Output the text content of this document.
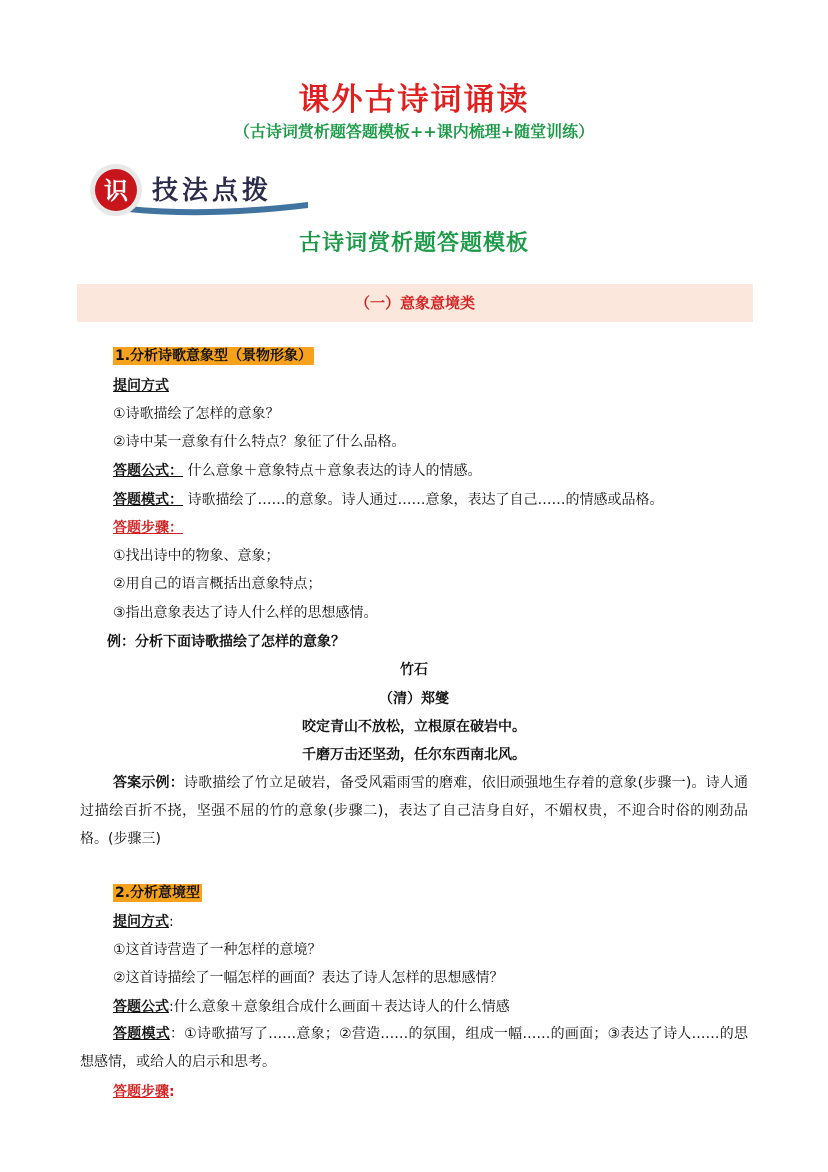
课外古诗词诵读
（古诗词赏析题答题模板++课内梳理+随堂训练）
识 技法点拨
古诗词赏析题答题模板
（一）意象意境类
1.分析诗歌意象型（景物形象）
提问方式
①诗歌描绘了怎样的意象？
②诗中某一意象有什么特点？象征了什么品格。
答题公式： 什么意象＋意象特点＋意象表达的诗人的情感。
答题模式： 诗歌描绘了……的意象。诗人通过……意象，表达了自己……的情感或品格。
答题步骤：
①找出诗中的物象、意象；
②用自己的语言概括出意象特点；
③指出意象表达了诗人什么样的思想感情。
例：分析下面诗歌描绘了怎样的意象？
竹石
（清）郑燮
咬定青山不放松，立根原在破岩中。
千磨万击还坚劲，任尔东西南北风。
答案示例：诗歌描绘了竹立足破岩，备受风霜雨雪的磨难，依旧顽强地生存着的意象(步骤一)。诗人通过描绘百折不挠，坚强不屈的竹的意象(步骤二)，表达了自己洁身自好，不媚权贵，不迎合时俗的刚劲品格。(步骤三)
2.分析意境型
提问方式:
①这首诗营造了一种怎样的意境？
②这首诗描绘了一幅怎样的画面？表达了诗人怎样的思想感情？
答题公式:什么意象＋意象组合成什么画面＋表达诗人的什么情感
答题模式：①诗歌描写了……意象；②营造……的氛围，组成一幅……的画面；③表达了诗人……的思想感情，或给人的启示和思考。
答题步骤:
